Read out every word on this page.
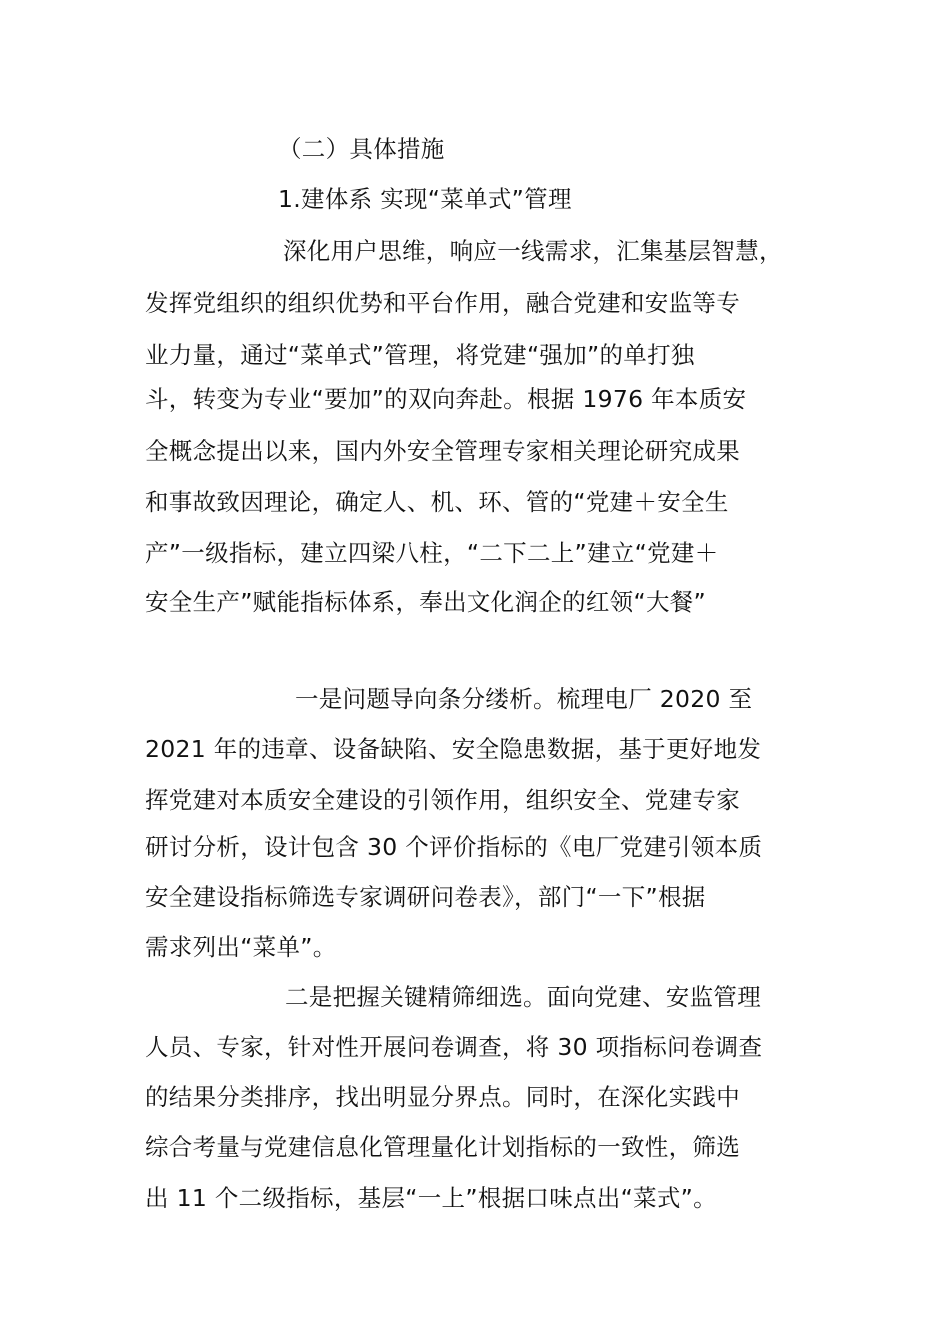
（二）具体措施
1.建体系 实现“菜单式”管理
深化用户思维，响应一线需求，汇集基层智慧，
发挥党组织的组织优势和平台作用，融合党建和安监等专
业力量，通过“菜单式”管理，将党建“强加”的单打独
斗，转变为专业“要加”的双向奔赴。根据 1976 年本质安
全概念提出以来，国内外安全管理专家相关理论研究成果
和事故致因理论，确定人、机、环、管的“党建＋安全生
产”一级指标，建立四梁八柱，“二下二上”建立“党建＋
安全生产”赋能指标体系，奉出文化润企的红领“大餐”
一是问题导向条分缕析。梳理电厂 2020 至
2021 年的违章、设备缺陷、安全隐患数据，基于更好地发
挥党建对本质安全建设的引领作用，组织安全、党建专家
研讨分析，设计包含 30 个评价指标的《电厂党建引领本质
安全建设指标筛选专家调研问卷表》，部门“一下”根据
需求列出“菜单”。
二是把握关键精筛细选。面向党建、安监管理
人员、专家，针对性开展问卷调查，将 30 项指标问卷调查
的结果分类排序，找出明显分界点。同时，在深化实践中
综合考量与党建信息化管理量化计划指标的一致性，筛选
出 11 个二级指标，基层“一上”根据口味点出“菜式”。
